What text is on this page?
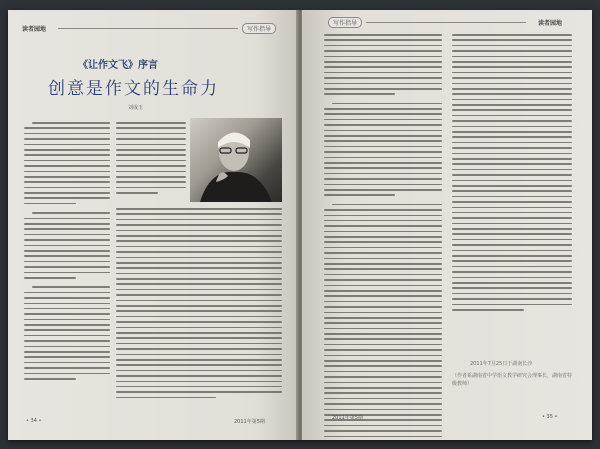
读者园地	写作指导
《让作文飞》序言
创意是作文的生命力
刘成玉
• 34 •	2011年第5期
写作指导	读者园地
2011年7月25日于湖南长沙
（作者系湖南省中学语文教学研究会理事长，湖南省特级教师）
2011年第5期	• 35 •
